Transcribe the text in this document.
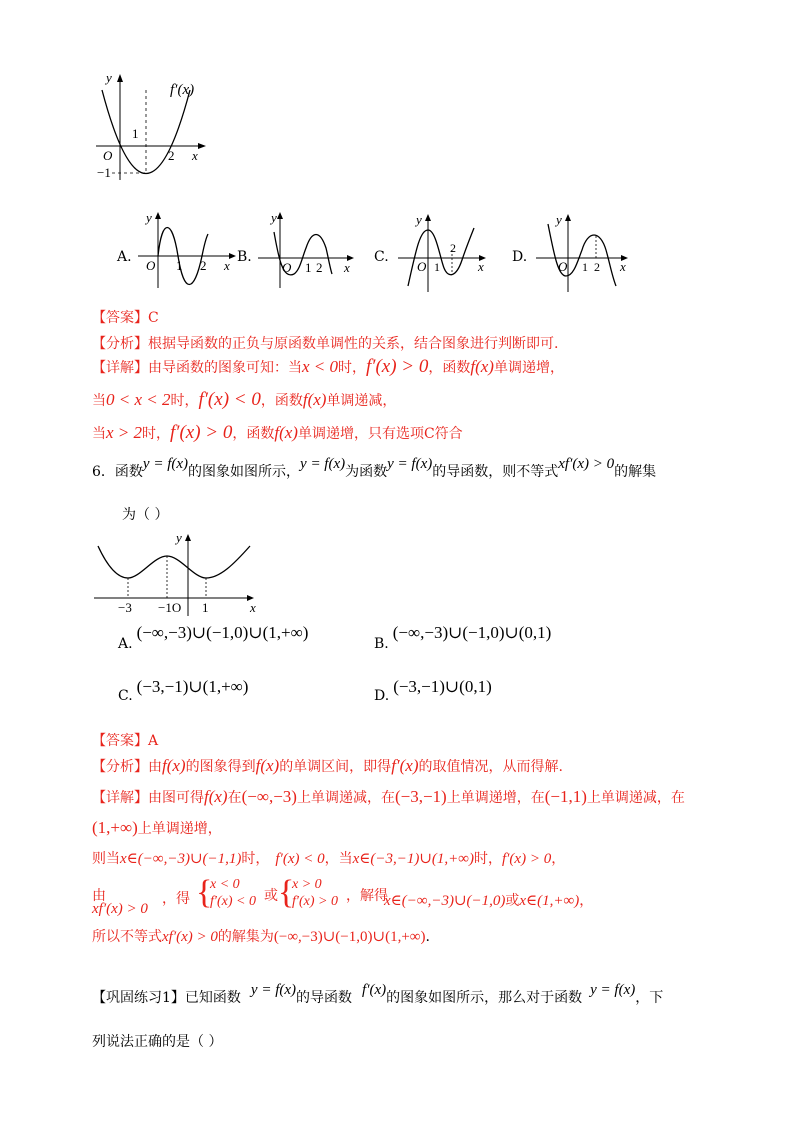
y
f′(x)
1
O	2 x
−1
A.
y
O 1 2 x
B.
y
O 1 2 x
C.
y
O 1
2
x
D.
y
O 1 2 x
【答案】C
【分析】根据导函数的正负与原函数单调性的关系，结合图象进行判断即可.
【详解】由导函数的图象可知：当x < 0时，f′(x) > 0，函数f(x)单调递增，
当0 < x < 2时，f′(x) < 0，函数f(x)单调递减，
当x > 2时，f′(x) > 0，函数f(x)单调递增，只有选项C符合
6．函数y = f(x)的图象如图所示，y = f(x)为函数y = f(x)的导函数，则不等式xf′(x) > 0的解集
为（ ）
y
−3 −1O 1	x
A.(−∞,−3)∪(−1,0)∪(1,+∞)
B.(−∞,−3)∪(−1,0)∪(0,1)
C. (−3,−1)∪(1,+∞)	D. (−3,−1)∪(0,1)
【答案】A
【分析】由f(x)的图象得到f(x)的单调区间，即得f′(x)的取值情况，从而得解.
【详解】由图可得f(x)在(−∞,−3)上单调递减，在(−3,−1)上单调递增，在(−1,1)上单调递减，在
(1,+∞)上单调递增，
则当x∈(−∞,−3)∪(−1,1)时， f′(x) < 0，当x∈(−3,−1)∪(1,+∞)时，f′(x) > 0，
由
xf′(x) > 0
，得 {
x < 0
f′(x) < 0 或 {
x > 0
f′(x) > 0 ，解得
x∈(−∞,−3)∪(−1,0)或x∈(1,+∞)，
所以不等式xf′(x) > 0的解集为(−∞,−3)∪(−1,0)∪(1,+∞).
【巩固练习1】已知函数 y = f(x)的导函数 f′(x)的图象如图所示，那么对于函数 y = f(x)，下
列说法正确的是（ ）
